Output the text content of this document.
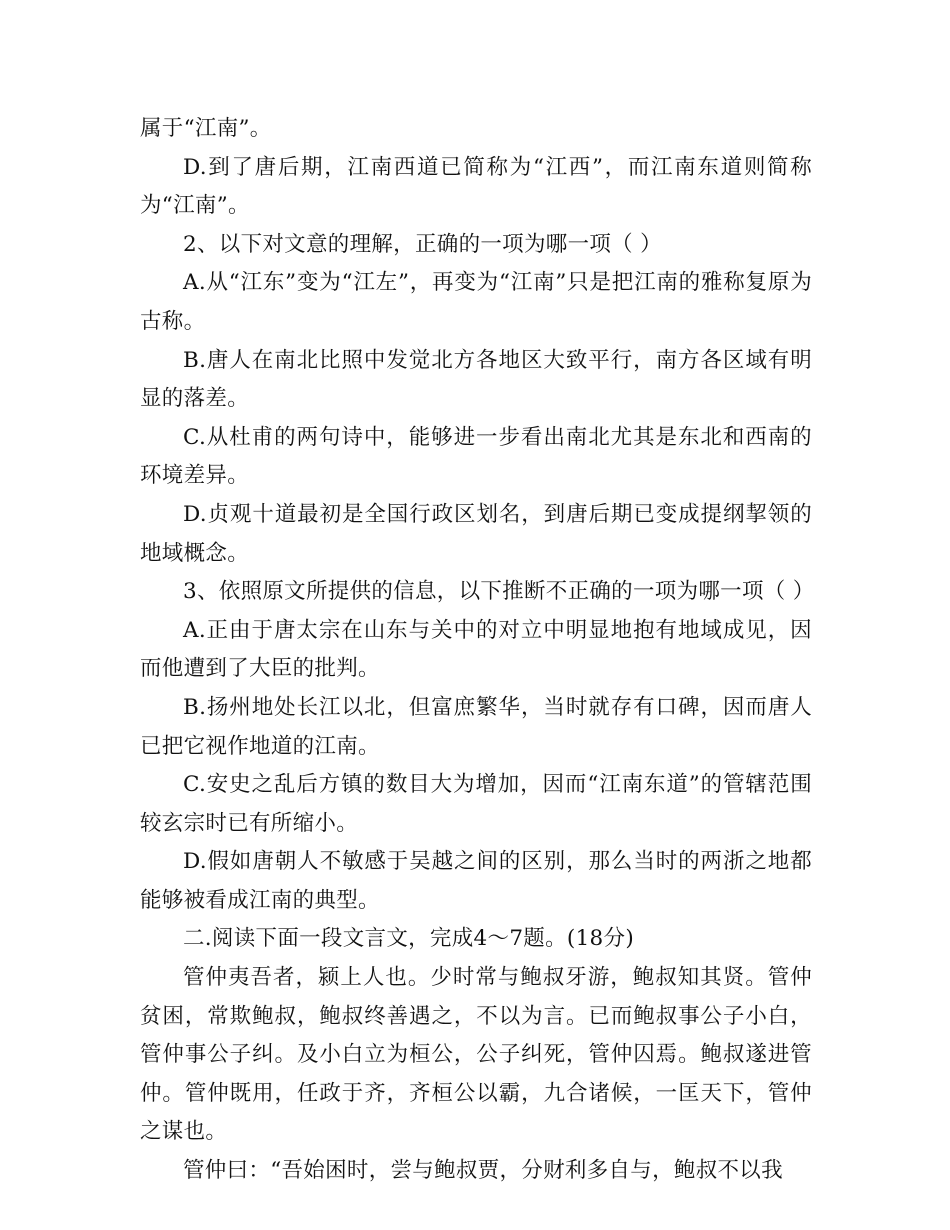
属于“江南”。

D.到了唐后期，江南西道已简称为“江西”，而江南东道则简称为“江南”。

2、以下对文意的理解，正确的一项为哪一项（ ）

A.从“江东”变为“江左”，再变为“江南”只是把江南的雅称复原为古称。

B.唐人在南北比照中发觉北方各地区大致平行，南方各区域有明显的落差。

C.从杜甫的两句诗中，能够进一步看出南北尤其是东北和西南的环境差异。

D.贞观十道最初是全国行政区划名，到唐后期已变成提纲挈领的地域概念。

3、依照原文所提供的信息，以下推断不正确的一项为哪一项（ ）

A.正由于唐太宗在山东与关中的对立中明显地抱有地域成见，因而他遭到了大臣的批判。

B.扬州地处长江以北，但富庶繁华，当时就存有口碑，因而唐人已把它视作地道的江南。

C.安史之乱后方镇的数目大为增加，因而“江南东道”的管辖范围较玄宗时已有所缩小。

D.假如唐朝人不敏感于吴越之间的区别，那么当时的两浙之地都能够被看成江南的典型。

二.阅读下面一段文言文，完成4～7题。(18分)

管仲夷吾者，颍上人也。少时常与鲍叔牙游，鲍叔知其贤。管仲贫困，常欺鲍叔，鲍叔终善遇之，不以为言。已而鲍叔事公子小白，管仲事公子纠。及小白立为桓公，公子纠死，管仲囚焉。鲍叔遂进管仲。管仲既用，任政于齐，齐桓公以霸，九合诸候，一匡天下，管仲之谋也。

管仲曰：“吾始困时，尝与鲍叔贾，分财利多自与，鲍叔不以我
